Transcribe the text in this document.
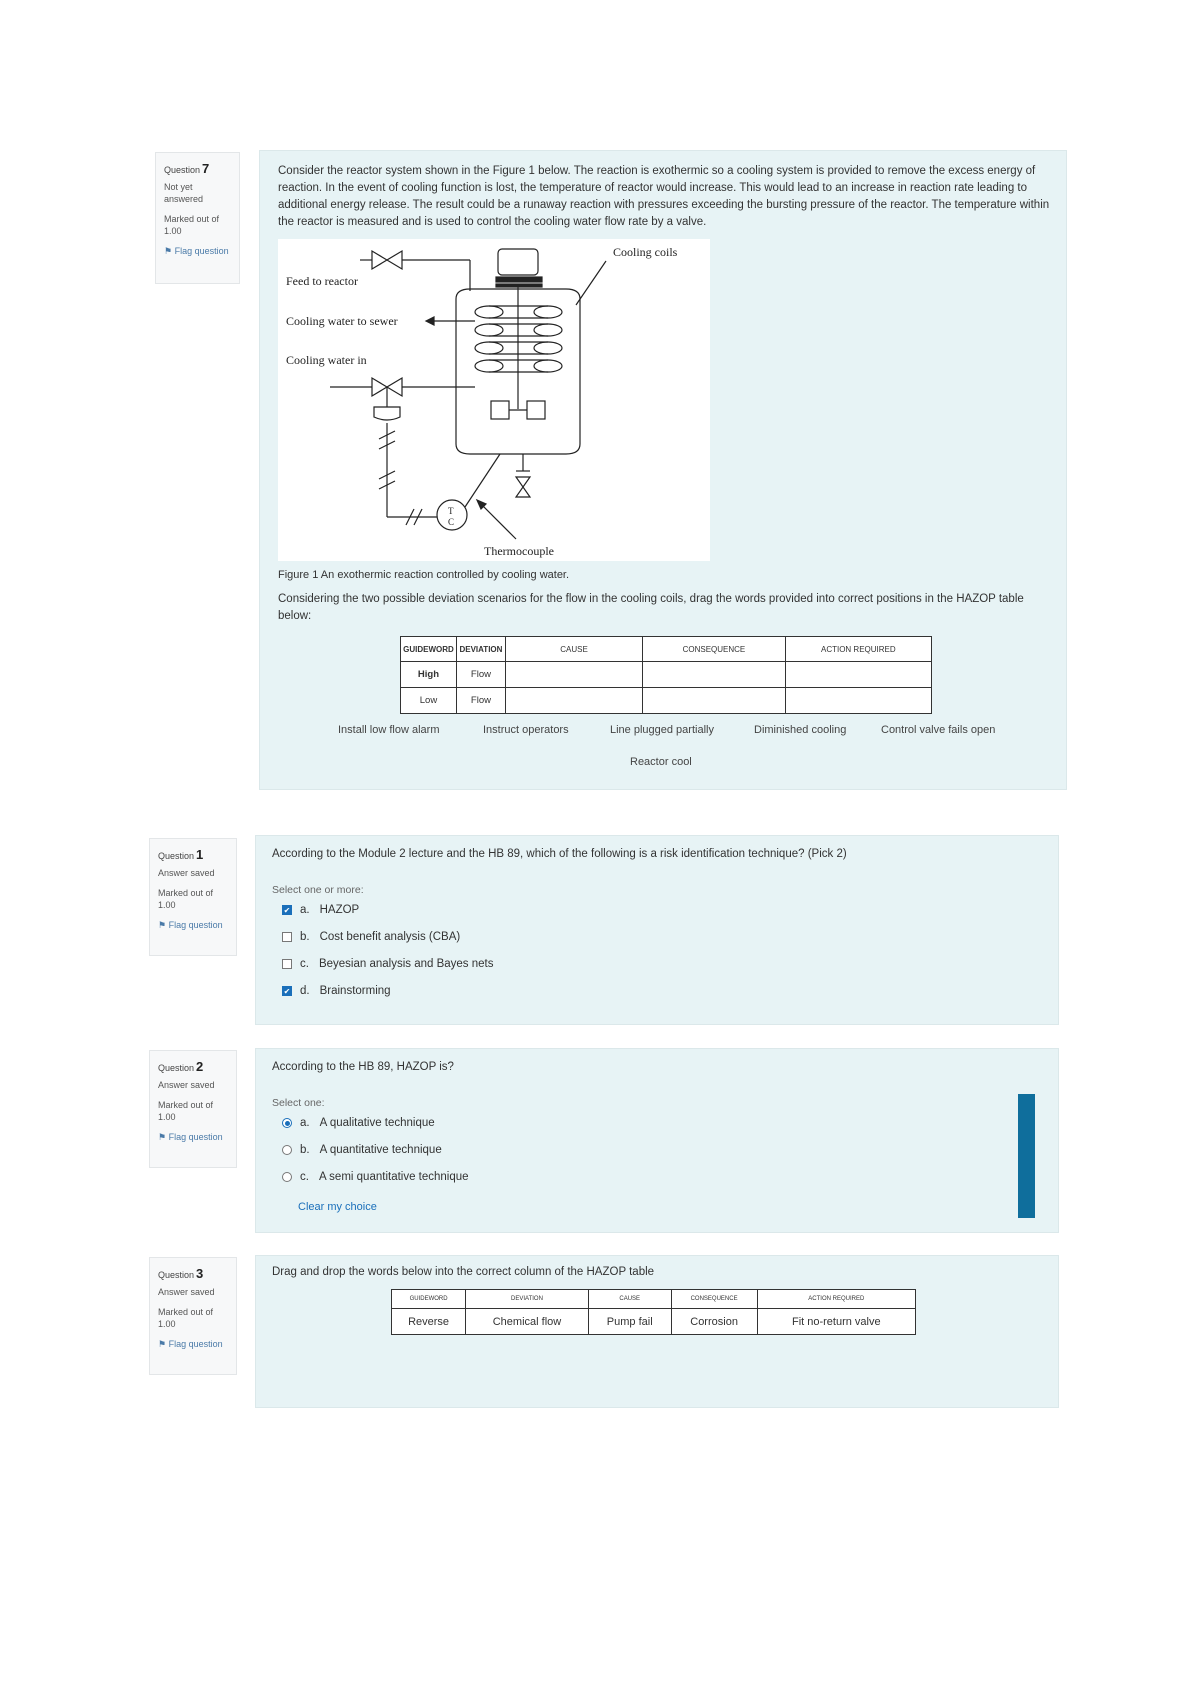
Question 7
Not yet answered
Marked out of 1.00
⚑ Flag question
Consider the reactor system shown in the Figure 1 below. The reaction is exothermic so a cooling system is provided to remove the excess energy of reaction. In the event of cooling function is lost, the temperature of reactor would increase. This would lead to an increase in reaction rate leading to additional energy release. The result could be a runaway reaction with pressures exceeding the bursting pressure of the reactor. The temperature within the reactor is measured and is used to control the cooling water flow rate by a valve.
Feed to reactor
Cooling water to sewer
Cooling water in
Cooling coils
Thermocouple
T
C
Figure 1 An exothermic reaction controlled by cooling water.
Considering the two possible deviation scenarios for the flow in the cooling coils, drag the words provided into correct positions in the HAZOP table below:
GUIDEWORD	DEVIATION	CAUSE	CONSEQUENCE	ACTION REQUIRED
High	Flow			
Low	Flow			
Install low flow alarm	Instruct operators	Line plugged partially	Diminished cooling	Control valve fails open
Reactor cool
Question 1
Answer saved
Marked out of 1.00
⚑ Flag question
According to the Module 2 lecture and the HB 89, which of the following is a risk identification technique? (Pick 2)
Select one or more:
✔ a. HAZOP
b. Cost benefit analysis (CBA)
c. Beyesian analysis and Bayes nets
✔ d. Brainstorming
Question 2
Answer saved
Marked out of 1.00
⚑ Flag question
According to the HB 89, HAZOP is?
Select one:
a. A qualitative technique
b. A quantitative technique
c. A semi quantitative technique
Clear my choice
Question 3
Answer saved
Marked out of 1.00
⚑ Flag question
Drag and drop the words below into the correct column of the HAZOP table
GUIDEWORD	DEVIATION	CAUSE	CONSEQUENCE	ACTION REQUIRED
Reverse	Chemical flow	Pump fail	Corrosion	Fit no-return valve
